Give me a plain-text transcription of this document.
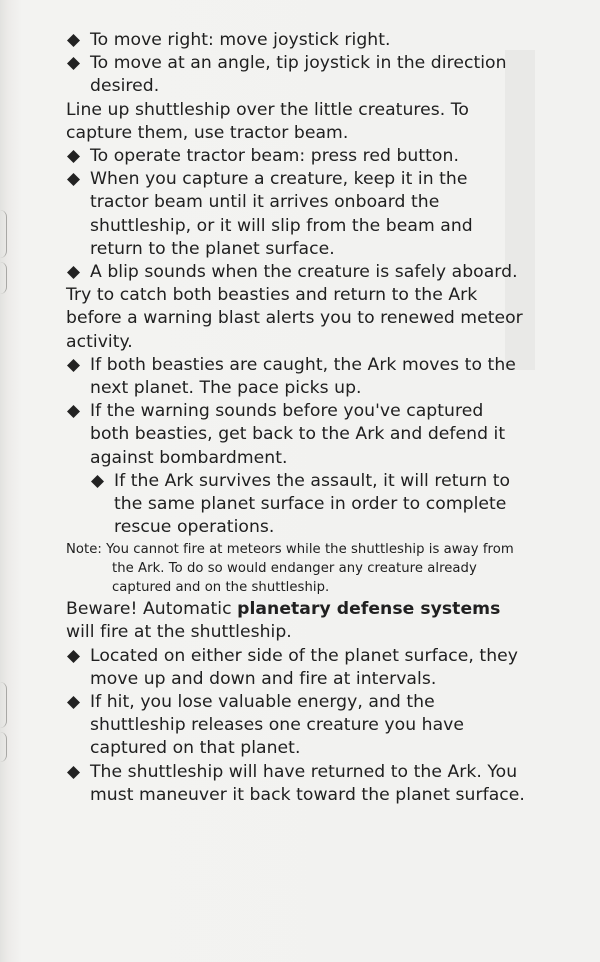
To move right: move joystick right.
To move at an angle, tip joystick in the direction desired.

Line up shuttleship over the little creatures. To capture them, use tractor beam.

To operate tractor beam: press red button.
When you capture a creature, keep it in the tractor beam until it arrives onboard the shuttleship, or it will slip from the beam and return to the planet surface.
A blip sounds when the creature is safely aboard.

Try to catch both beasties and return to the Ark before a warning blast alerts you to renewed meteor activity.

If both beasties are caught, the Ark moves to the next planet. The pace picks up.
If the warning sounds before you've captured both beasties, get back to the Ark and defend it against bombardment.
If the Ark survives the assault, it will return to the same planet surface in order to complete rescue operations.

Note: You cannot fire at meteors while the shuttleship is away from the Ark. To do so would endanger any creature already captured and on the shuttleship.

Beware! Automatic planetary defense systems will fire at the shuttleship.

Located on either side of the planet surface, they move up and down and fire at intervals.
If hit, you lose valuable energy, and the shuttleship releases one creature you have captured on that planet.
The shuttleship will have returned to the Ark. You must maneuver it back toward the planet surface.
